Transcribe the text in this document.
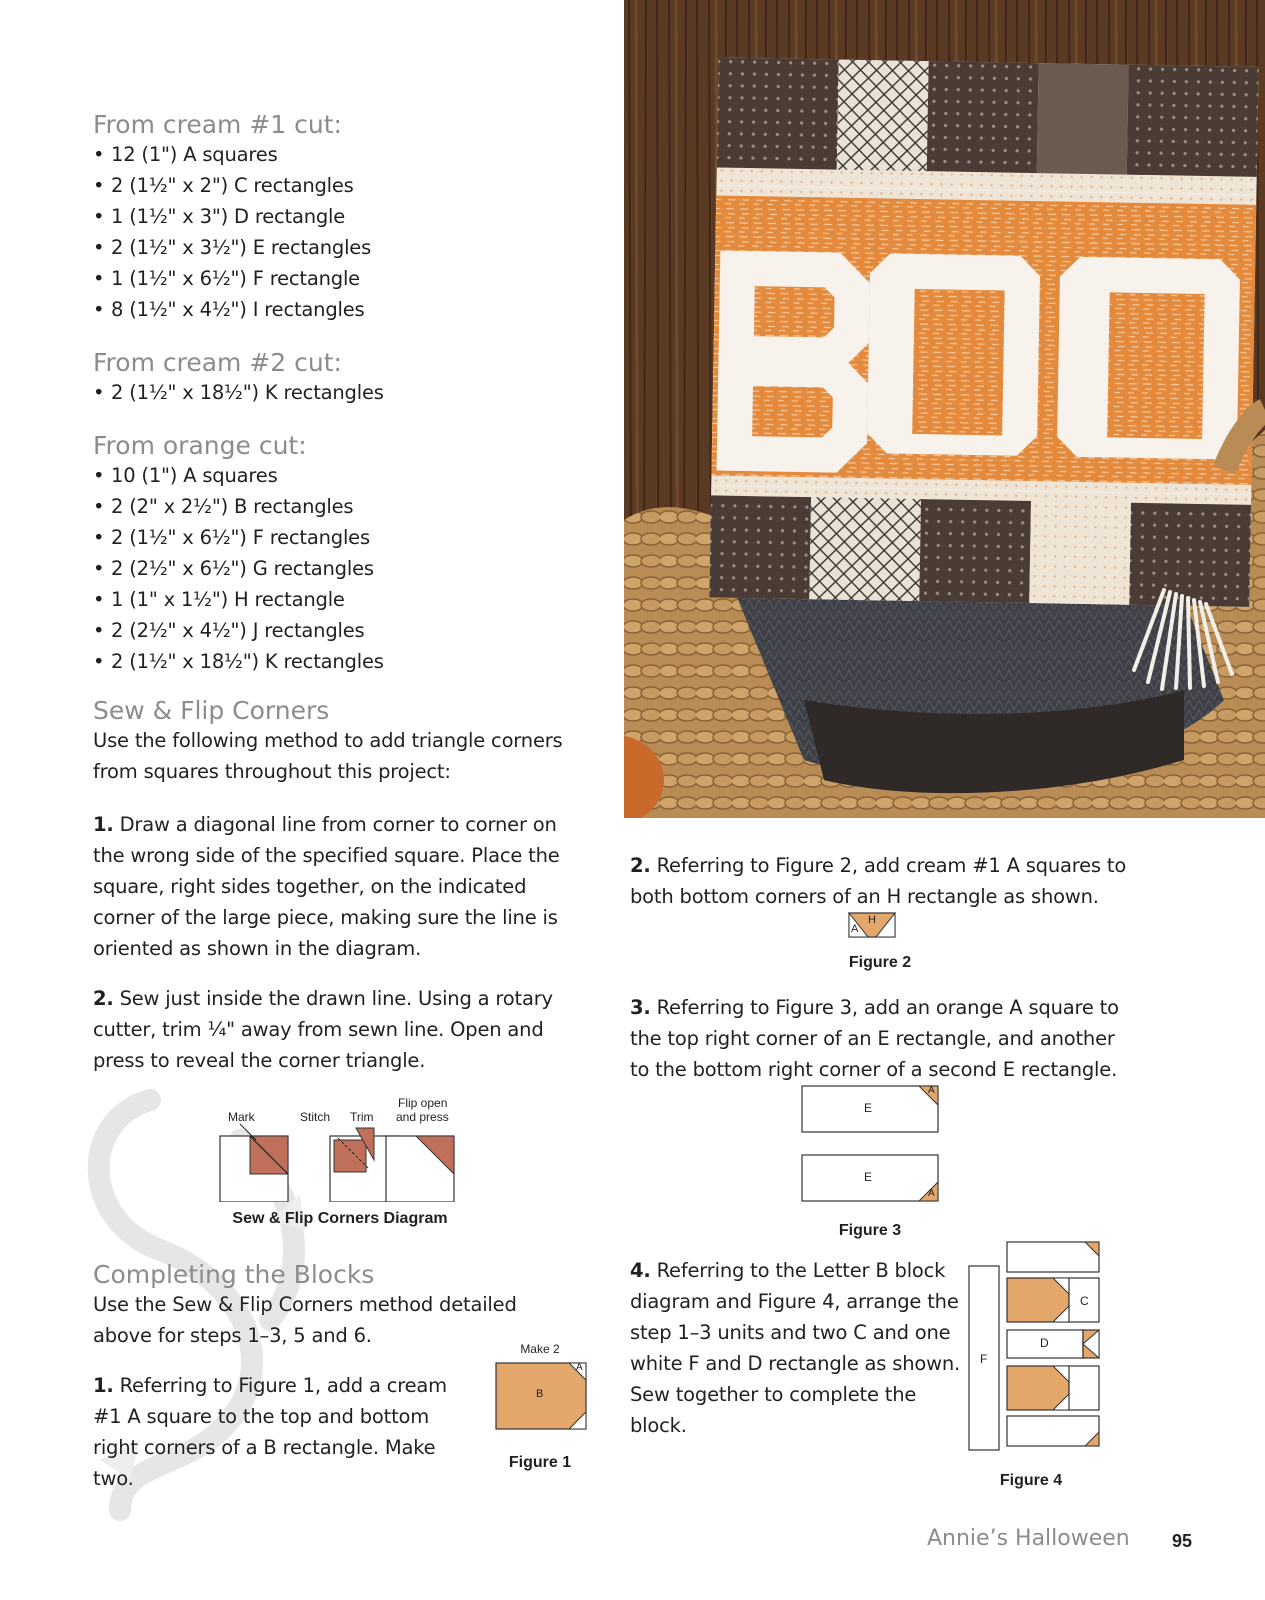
From cream #1 cut:
• 12 (1") A squares
• 2 (1½" x 2") C rectangles
• 1 (1½" x 3") D rectangle
• 2 (1½" x 3½") E rectangles
• 1 (1½" x 6½") F rectangle
• 8 (1½" x 4½") I rectangles
From cream #2 cut:
• 2 (1½" x 18½") K rectangles
From orange cut:
• 10 (1") A squares
• 2 (2" x 2½") B rectangles
• 2 (1½" x 6½") F rectangles
• 2 (2½" x 6½") G rectangles
• 1 (1" x 1½") H rectangle
• 2 (2½" x 4½") J rectangles
• 2 (1½" x 18½") K rectangles
Sew & Flip Corners
Use the following method to add triangle corners from squares throughout this project:
1. Draw a diagonal line from corner to corner on the wrong side of the specified square. Place the square, right sides together, on the indicated corner of the large piece, making sure the line is oriented as shown in the diagram.
2. Sew just inside the drawn line. Using a rotary cutter, trim ¼" away from sewn line. Open and press to reveal the corner triangle.
Mark	Stitch Trim
Flip open
and press
Sew & Flip Corners Diagram
Completing the Blocks
Use the Sew & Flip Corners method detailed above for steps 1–3, 5 and 6.
1. Referring to Figure 1, add a cream #1 A square to the top and bottom right corners of a B rectangle. Make two.
Make 2
B
A
Figure 1
2. Referring to Figure 2, add cream #1 A squares to both bottom corners of an H rectangle as shown.
A
H
Figure 2
3. Referring to Figure 3, add an orange A square to the top right corner of an E rectangle, and another to the bottom right corner of a second E rectangle.
E
A
E
A
Figure 3
4. Referring to the Letter B block diagram and Figure 4, arrange the step 1–3 units and two C and one white F and D rectangle as shown. Sew together to complete the block.
F
C
D
Figure 4
Annie’s Halloween 95
